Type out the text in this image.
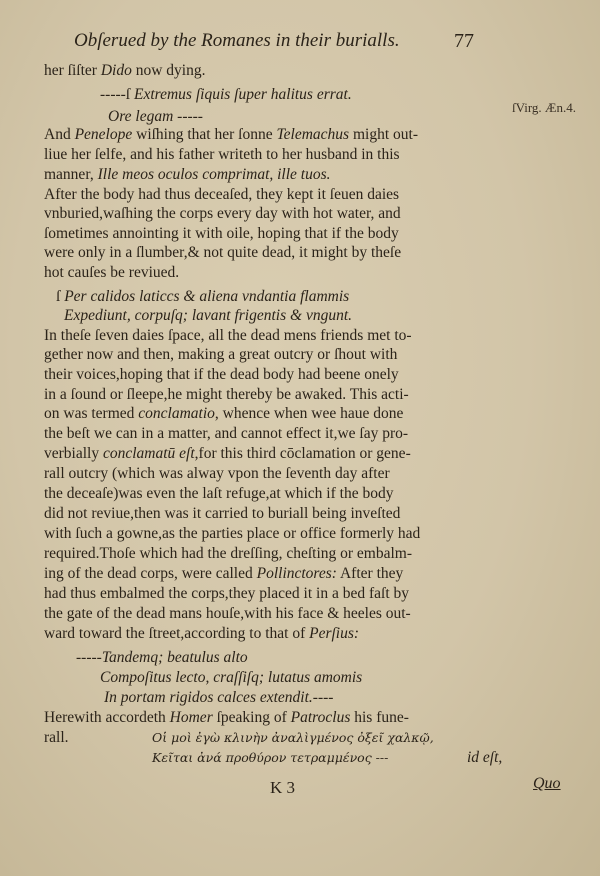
Obſerued by the Romanes in their burialls.	77
ſVirg. Æn.4.
her ſiſter Dido now dying.
-----ſ Extremus ſiquis ſuper halitus errat.
Ore legam -----
And Penelope wiſhing that her ſonne Telemachus might out-
liue her ſelfe, and his father writeth to her husband in this
manner, Ille meos oculos comprimat, ille tuos.
After the body had thus deceaſed, they kept it ſeuen daies
vnburied,waſhing the corps every day with hot water, and
ſometimes annointing it with oile, hoping that if the body
were only in a ſlumber,& not quite dead, it might by theſe
hot cauſes be reviued.
ſ Per calidos laticcs & aliena vndantia flammis
Expediunt, corpuſq; lavant frigentis & vngunt.
In theſe ſeven daies ſpace, all the dead mens friends met to-
gether now and then, making a great outcry or ſhout with
their voices,hoping that if the dead body had beene onely
in a ſound or ſleepe,he might thereby be awaked. This acti-
on was termed conclamatio, whence when wee haue done
the beſt we can in a matter, and cannot effect it,we ſay pro-
verbially conclamatū eſt,for this third cōclamation or gene-
rall outcry (which was alway vpon the ſeventh day after
the deceaſe)was even the laſt refuge,at which if the body
did not reviue,then was it carried to buriall being inveſted
with ſuch a gowne,as the parties place or office formerly had
required.Thoſe which had the dreſſing, cheſting or embalm-
ing of the dead corps, were called Pollinctores: After they
had thus embalmed the corps,they placed it in a bed faſt by
the gate of the dead mans houſe,with his face & heeles out-
ward toward the ſtreet,according to that of Perſius:
-----Tandemq; beatulus alto
Compoſitus lecto, craſſiſq; lutatus amomis
In portam rigidos calces extendit.----
Herewith accordeth Homer ſpeaking of Patroclus his fune-
rall.	Οἱ μοὶ ἐγὼ κλινὴν ἀναλὶγμένος ὀξεῖ χαλκῷ,
Κεῖται ἀνά προθύρον τετραμμένος ---	id eſt,
K 3	Quo
